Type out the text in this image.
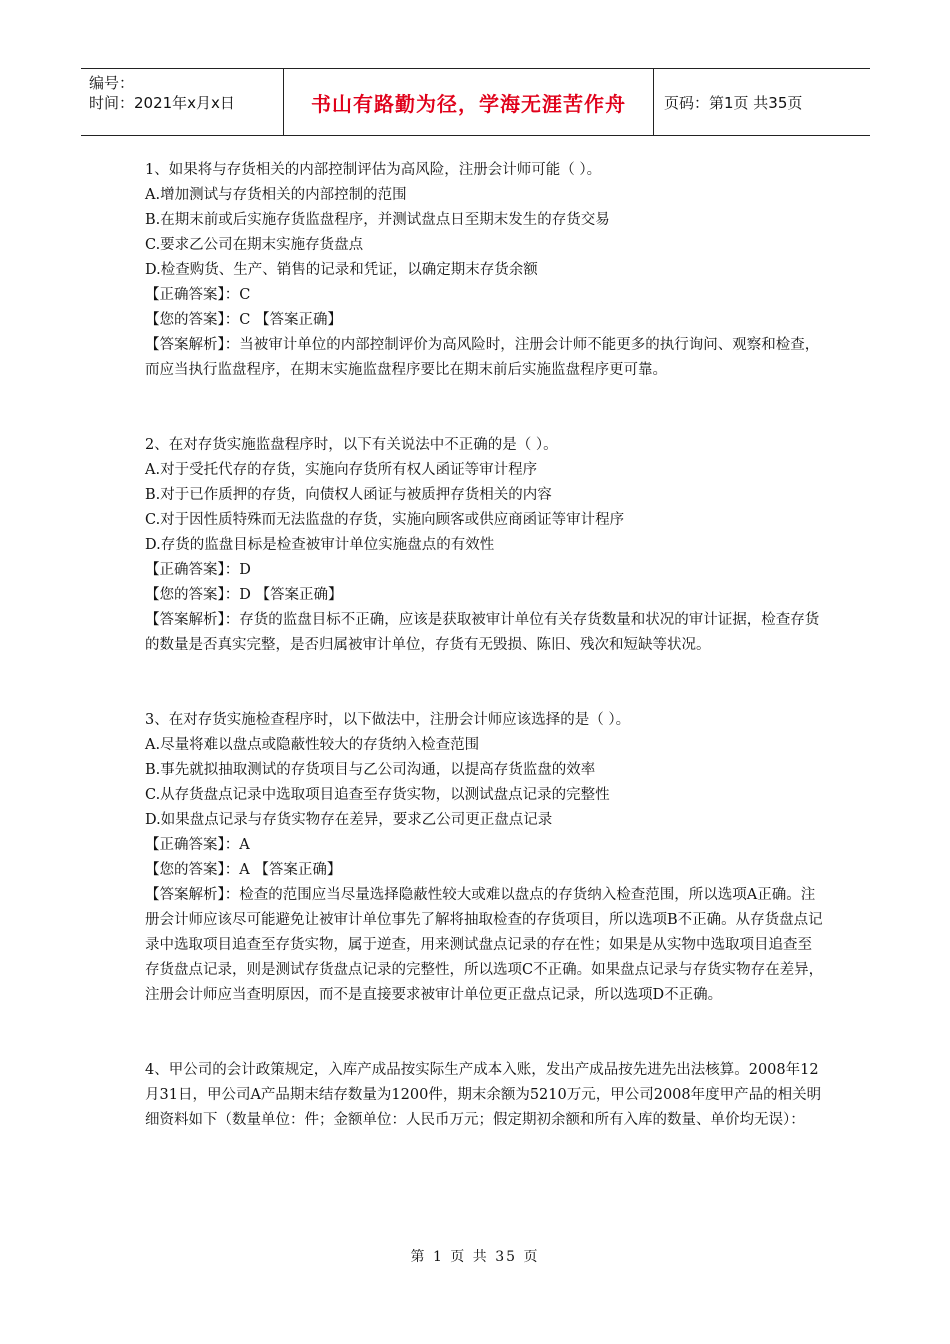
编号：
时间：2021年x月x日	书山有路勤为径，学海无涯苦作舟	页码：第1页 共35页

1、如果将与存货相关的内部控制评估为高风险，注册会计师可能（ ）。

A.增加测试与存货相关的内部控制的范围

B.在期末前或后实施存货监盘程序，并测试盘点日至期末发生的存货交易

C.要求乙公司在期末实施存货盘点

D.检查购货、生产、销售的记录和凭证，以确定期末存货余额

【正确答案】：C

【您的答案】：C 【答案正确】

【答案解析】：当被审计单位的内部控制评价为高风险时，注册会计师不能更多的执行询问、观察和检查，而应当执行监盘程序，在期末实施监盘程序要比在期末前后实施监盘程序更可靠。

2、在对存货实施监盘程序时，以下有关说法中不正确的是（ ）。

A.对于受托代存的存货，实施向存货所有权人函证等审计程序

B.对于已作质押的存货，向债权人函证与被质押存货相关的内容

C.对于因性质特殊而无法监盘的存货，实施向顾客或供应商函证等审计程序

D.存货的监盘目标是检查被审计单位实施盘点的有效性

【正确答案】：D

【您的答案】：D 【答案正确】

【答案解析】：存货的监盘目标不正确，应该是获取被审计单位有关存货数量和状况的审计证据，检查存货的数量是否真实完整，是否归属被审计单位，存货有无毁损、陈旧、残次和短缺等状况。

3、在对存货实施检查程序时，以下做法中，注册会计师应该选择的是（ ）。

A.尽量将难以盘点或隐蔽性较大的存货纳入检查范围

B.事先就拟抽取测试的存货项目与乙公司沟通，以提高存货监盘的效率

C.从存货盘点记录中选取项目追查至存货实物，以测试盘点记录的完整性

D.如果盘点记录与存货实物存在差异，要求乙公司更正盘点记录

【正确答案】：A

【您的答案】：A 【答案正确】

【答案解析】：检查的范围应当尽量选择隐蔽性较大或难以盘点的存货纳入检查范围，所以选项A正确。注册会计师应该尽可能避免让被审计单位事先了解将抽取检查的存货项目，所以选项B不正确。从存货盘点记录中选取项目追查至存货实物，属于逆查，用来测试盘点记录的存在性；如果是从实物中选取项目追查至存货盘点记录，则是测试存货盘点记录的完整性，所以选项C不正确。如果盘点记录与存货实物存在差异，注册会计师应当查明原因，而不是直接要求被审计单位更正盘点记录，所以选项D不正确。

4、甲公司的会计政策规定，入库产成品按实际生产成本入账，发出产成品按先进先出法核算。2008年12月31日，甲公司A产品期末结存数量为1200件，期末余额为5210万元，甲公司2008年度甲产品的相关明细资料如下（数量单位：件；金额单位：人民币万元；假定期初余额和所有入库的数量、单价均无误）：

第 1 页 共 35 页
